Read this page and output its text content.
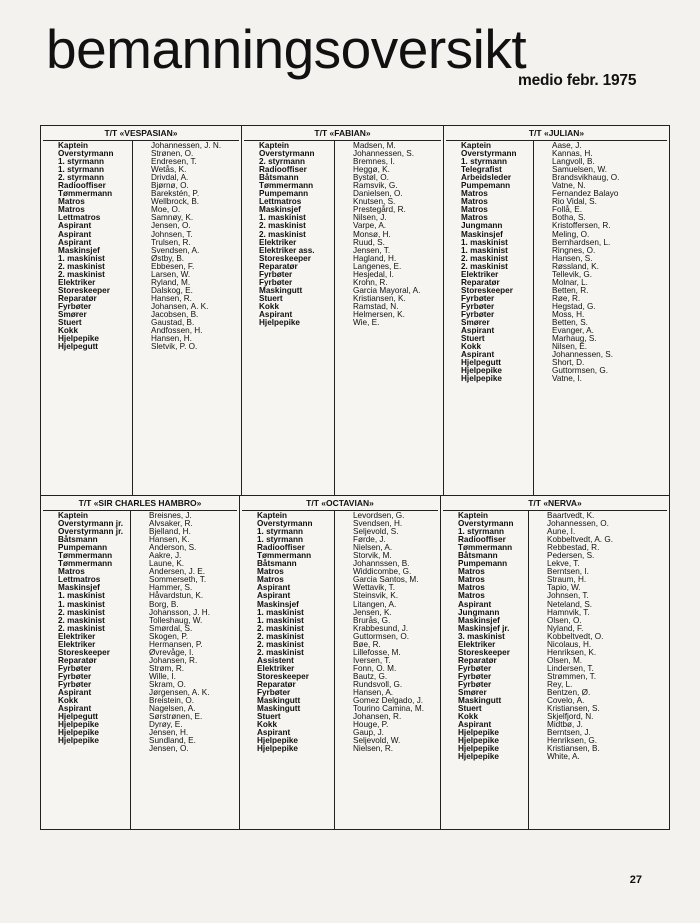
bemanningsoversikt
medio febr. 1975
T/T «VESPASIAN»
Kaptein
Overstyrmann
1. styrmann
1. styrmann
2. styrmann
Radiooffiser
Tømmermann
Matros
Matros
Lettmatros
Aspirant
Aspirant
Aspirant
Maskinsjef
1. maskinist
2. maskinist
2. maskinist
Elektriker
Storeskeeper
Reparatør
Fyrbøter
Smører
Stuert
Kokk
Hjelpepike
Hjelpegutt
Johannessen, J. N.
Strønen, O.
Endresen, T.
Wetås, K.
Drivdal, A.
Bjørnø, O.
Barekstén, P.
Wellbrock, B.
Moe, O.
Samnøy, K.
Jensen, O.
Johnsen, T.
Trulsen, R.
Svendsen, A.
Østby, B.
Ebbesen, F.
Larsen, W.
Ryland, M.
Dalskog, E.
Hansen, R.
Johansen, A. K.
Jacobsen, B.
Gaustad, B.
Andfossen, H.
Hansen, H.
Sletvik, P. O.
T/T «FABIAN»
Kaptein
Overstyrmann
2. styrmann
Radiooffiser
Båtsmann
Tømmermann
Pumpemann
Lettmatros
Maskinsjef
1. maskinist
2. maskinist
2. maskinist
Elektriker
Elektriker ass.
Storeskeeper
Reparatør
Fyrbøter
Fyrbøter
Maskingutt
Stuert
Kokk
Aspirant
Hjelpepike
Madsen, M.
Johannessen, S.
Bremnes, I.
Heggø, K.
Bystøl, O.
Ramsvik, G.
Danielsen, O.
Knutsen, S.
Prestegård, R.
Nilsen, J.
Varpe, A.
Monsø, H.
Ruud, S.
Jensen, T.
Hagland, H.
Langenes, E.
Hesjedal, I.
Krohn, R.
Garcia Mayoral, A.
Kristiansen, K.
Ramstad, N.
Helmersen, K.
Wie, E.
T/T «JULIAN»
Kaptein
Overstyrmann
1. styrmann
Telegrafist
Arbeidsleder
Pumpemann
Matros
Matros
Matros
Matros
Jungmann
Maskinsjef
1. maskinist
1. maskinist
2. maskinist
2. maskinist
Elektriker
Reparatør
Storeskeeper
Fyrbøter
Fyrbøter
Fyrbøter
Smører
Aspirant
Stuert
Kokk
Aspirant
Hjelpegutt
Hjelpepike
Hjelpepike
Aase, J.
Kannas, H.
Langvoll, B.
Samuelsen, W.
Brandsvikhaug, O.
Vatne, N.
Fernandez Balayo
Rio Vidal, S.
Follå, E.
Botha, S.
Kristoffersen, R.
Meling, O.
Bernhardsen, L.
Ringnes, O.
Hansen, S.
Røssland, K.
Tellevik, G.
Molnar, L.
Betten, R.
Røe, R.
Hegstad, G.
Moss, H.
Betten, S.
Evanger, A.
Marhaug, S.
Nilsen, E.
Johannessen, S.
Short, D.
Guttormsen, G.
Vatne, I.
T/T «SIR CHARLES HAMBRO»
Kaptein
Overstyrmann jr.
Overstyrmann jr.
Båtsmann
Pumpemann
Tømmermann
Tømmermann
Matros
Lettmatros
Maskinsjef
1. maskinist
1. maskinist
2. maskinist
2. maskinist
2. maskinist
Elektriker
Elektriker
Storeskeeper
Reparatør
Fyrbøter
Fyrbøter
Fyrbøter
Aspirant
Kokk
Aspirant
Hjelpegutt
Hjelpepike
Hjelpepike
Hjelpepike
Breisnes, J.
Alvsaker, R.
Bjelland, H.
Hansen, K.
Anderson, S.
Aakre, J.
Laune, K.
Andersen, J. E.
Sommerseth, T.
Hammer, S.
Håvardstun, K.
Borg, B.
Johansson, J. H.
Tolleshaug, W.
Smørdal, S.
Skogen, P.
Hermansen, P.
Øvrevåge, I.
Johansen, R.
Strøm, R.
Wille, I.
Skram, O.
Jørgensen, A. K.
Breistein, O.
Nagelsen, A.
Sørstrønen, E.
Dyrøy, E.
Jensen, H.
Sundland, E.
Jensen, O.
T/T «OCTAVIAN»
Kaptein
Overstyrmann
1. styrmann
1. styrmann
Radiooffiser
Tømmermann
Båtsmann
Matros
Matros
Aspirant
Aspirant
Maskinsjef
1. maskinist
1. maskinist
2. maskinist
2. maskinist
2. maskinist
2. maskinist
Assistent
Elektriker
Storeskeeper
Reparatør
Fyrbøter
Maskingutt
Maskingutt
Stuert
Kokk
Aspirant
Hjelpepike
Hjelpepike
Levordsen, G.
Svendsen, H.
Seljevold, S.
Førde, J.
Nielsen, A.
Storvik, M.
Johannssen, B.
Widdicombe, G.
Garcia Santos, M.
Wettavik, T.
Steinsvik, K.
Litangen, A.
Jensen, K.
Brurås, G.
Krabbesund, J.
Guttormsen, O.
Bøe, R.
Lillefosse, M.
Iversen, T.
Fonn, O. M.
Bautz, G.
Rundsvoll, G.
Hansen, A.
Gomez Delgado, J.
Tourino Camina, M.
Johansen, R.
Houge, P.
Gaup, J.
Seljevold, W.
Nielsen, R.
T/T «NERVA»
Kaptein
Overstyrmann
1. styrmann
Radiooffiser
Tømmermann
Båtsmann
Pumpemann
Matros
Matros
Matros
Matros
Aspirant
Jungmann
Maskinsjef
Maskinsjef jr.
3. maskinist
Elektriker
Storeskeeper
Reparatør
Fyrbøter
Fyrbøter
Fyrbøter
Smører
Maskingutt
Stuert
Kokk
Aspirant
Hjelpepike
Hjelpepike
Hjelpepike
Hjelpepike
Baartvedt, K.
Johannessen, O.
Aune, I.
Kobbeltvedt, A. G.
Rebbestad, R.
Pedersen, S.
Lekve, T.
Berntsen, I.
Straum, H.
Tapio, W.
Johnsen, T.
Neteland, S.
Hamnvik, T.
Olsen, O.
Nyland, F.
Kobbeltvedt, O.
Nicolaus, H.
Henriksen, K.
Olsen, M.
Lindersen, T.
Strømmen, T.
Rey, L.
Bentzen, Ø.
Covelo, A.
Kristiansen, S.
Skjelfjord, N.
Midtbø, J.
Berntsen, J.
Henriksen, G.
Kristiansen, B.
White, A.
27
